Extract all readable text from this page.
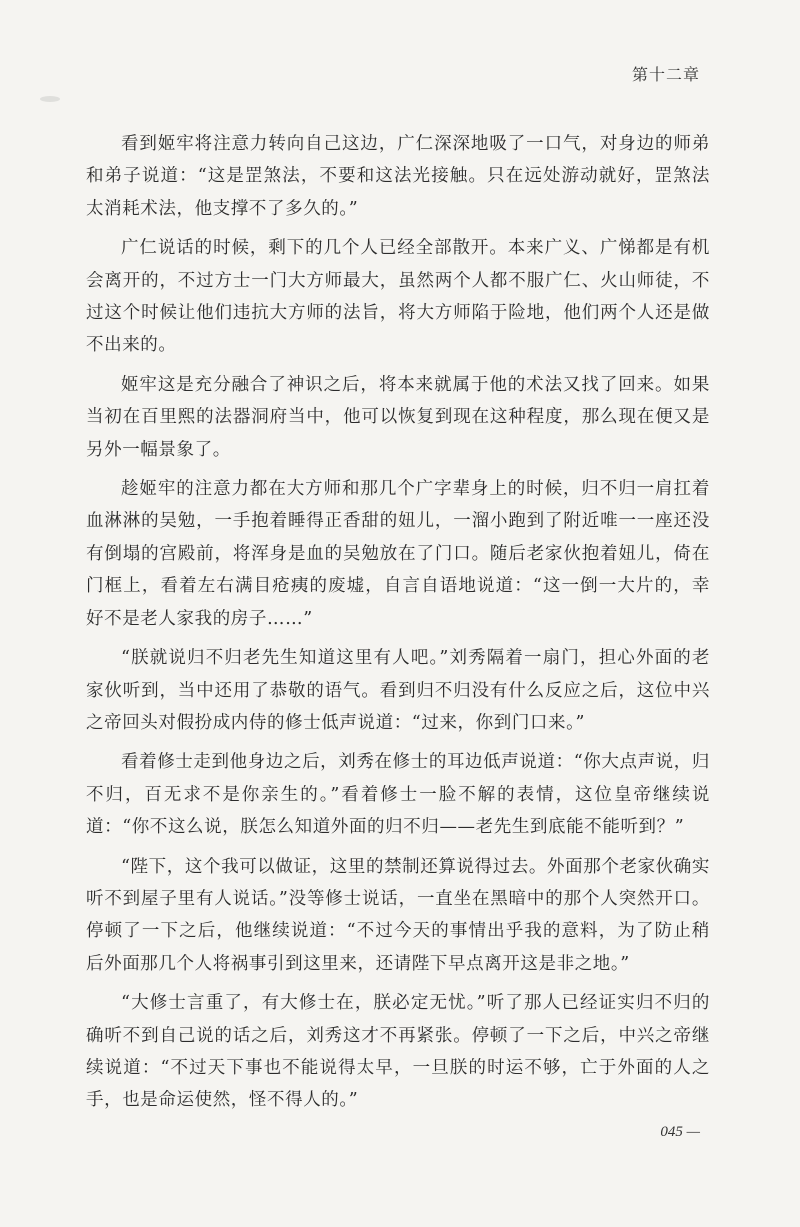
第十二章

看到姬牢将注意力转向自己这边，广仁深深地吸了一口气，对身边的师弟和弟子说道：“这是罡煞法，不要和这法光接触。只在远处游动就好，罡煞法太消耗术法，他支撑不了多久的。”

广仁说话的时候，剩下的几个人已经全部散开。本来广义、广悌都是有机会离开的，不过方士一门大方师最大，虽然两个人都不服广仁、火山师徒，不过这个时候让他们违抗大方师的法旨，将大方师陷于险地，他们两个人还是做不出来的。

姬牢这是充分融合了神识之后，将本来就属于他的术法又找了回来。如果当初在百里熙的法器洞府当中，他可以恢复到现在这种程度，那么现在便又是另外一幅景象了。

趁姬牢的注意力都在大方师和那几个广字辈身上的时候，归不归一肩扛着血淋淋的吴勉，一手抱着睡得正香甜的妞儿，一溜小跑到了附近唯一一座还没有倒塌的宫殿前，将浑身是血的吴勉放在了门口。随后老家伙抱着妞儿，倚在门框上，看着左右满目疮痍的废墟，自言自语地说道：“这一倒一大片的，幸好不是老人家我的房子……”

“朕就说归不归老先生知道这里有人吧。”刘秀隔着一扇门，担心外面的老家伙听到，当中还用了恭敬的语气。看到归不归没有什么反应之后，这位中兴之帝回头对假扮成内侍的修士低声说道：“过来，你到门口来。”

看着修士走到他身边之后，刘秀在修士的耳边低声说道：“你大点声说，归不归，百无求不是你亲生的。”看着修士一脸不解的表情，这位皇帝继续说道：“你不这么说，朕怎么知道外面的归不归——老先生到底能不能听到？”

“陛下，这个我可以做证，这里的禁制还算说得过去。外面那个老家伙确实听不到屋子里有人说话。”没等修士说话，一直坐在黑暗中的那个人突然开口。停顿了一下之后，他继续说道：“不过今天的事情出乎我的意料，为了防止稍后外面那几个人将祸事引到这里来，还请陛下早点离开这是非之地。”

“大修士言重了，有大修士在，朕必定无忧。”听了那人已经证实归不归的确听不到自己说的话之后，刘秀这才不再紧张。停顿了一下之后，中兴之帝继续说道：“不过天下事也不能说得太早，一旦朕的时运不够，亡于外面的人之手，也是命运使然，怪不得人的。”

045 —
